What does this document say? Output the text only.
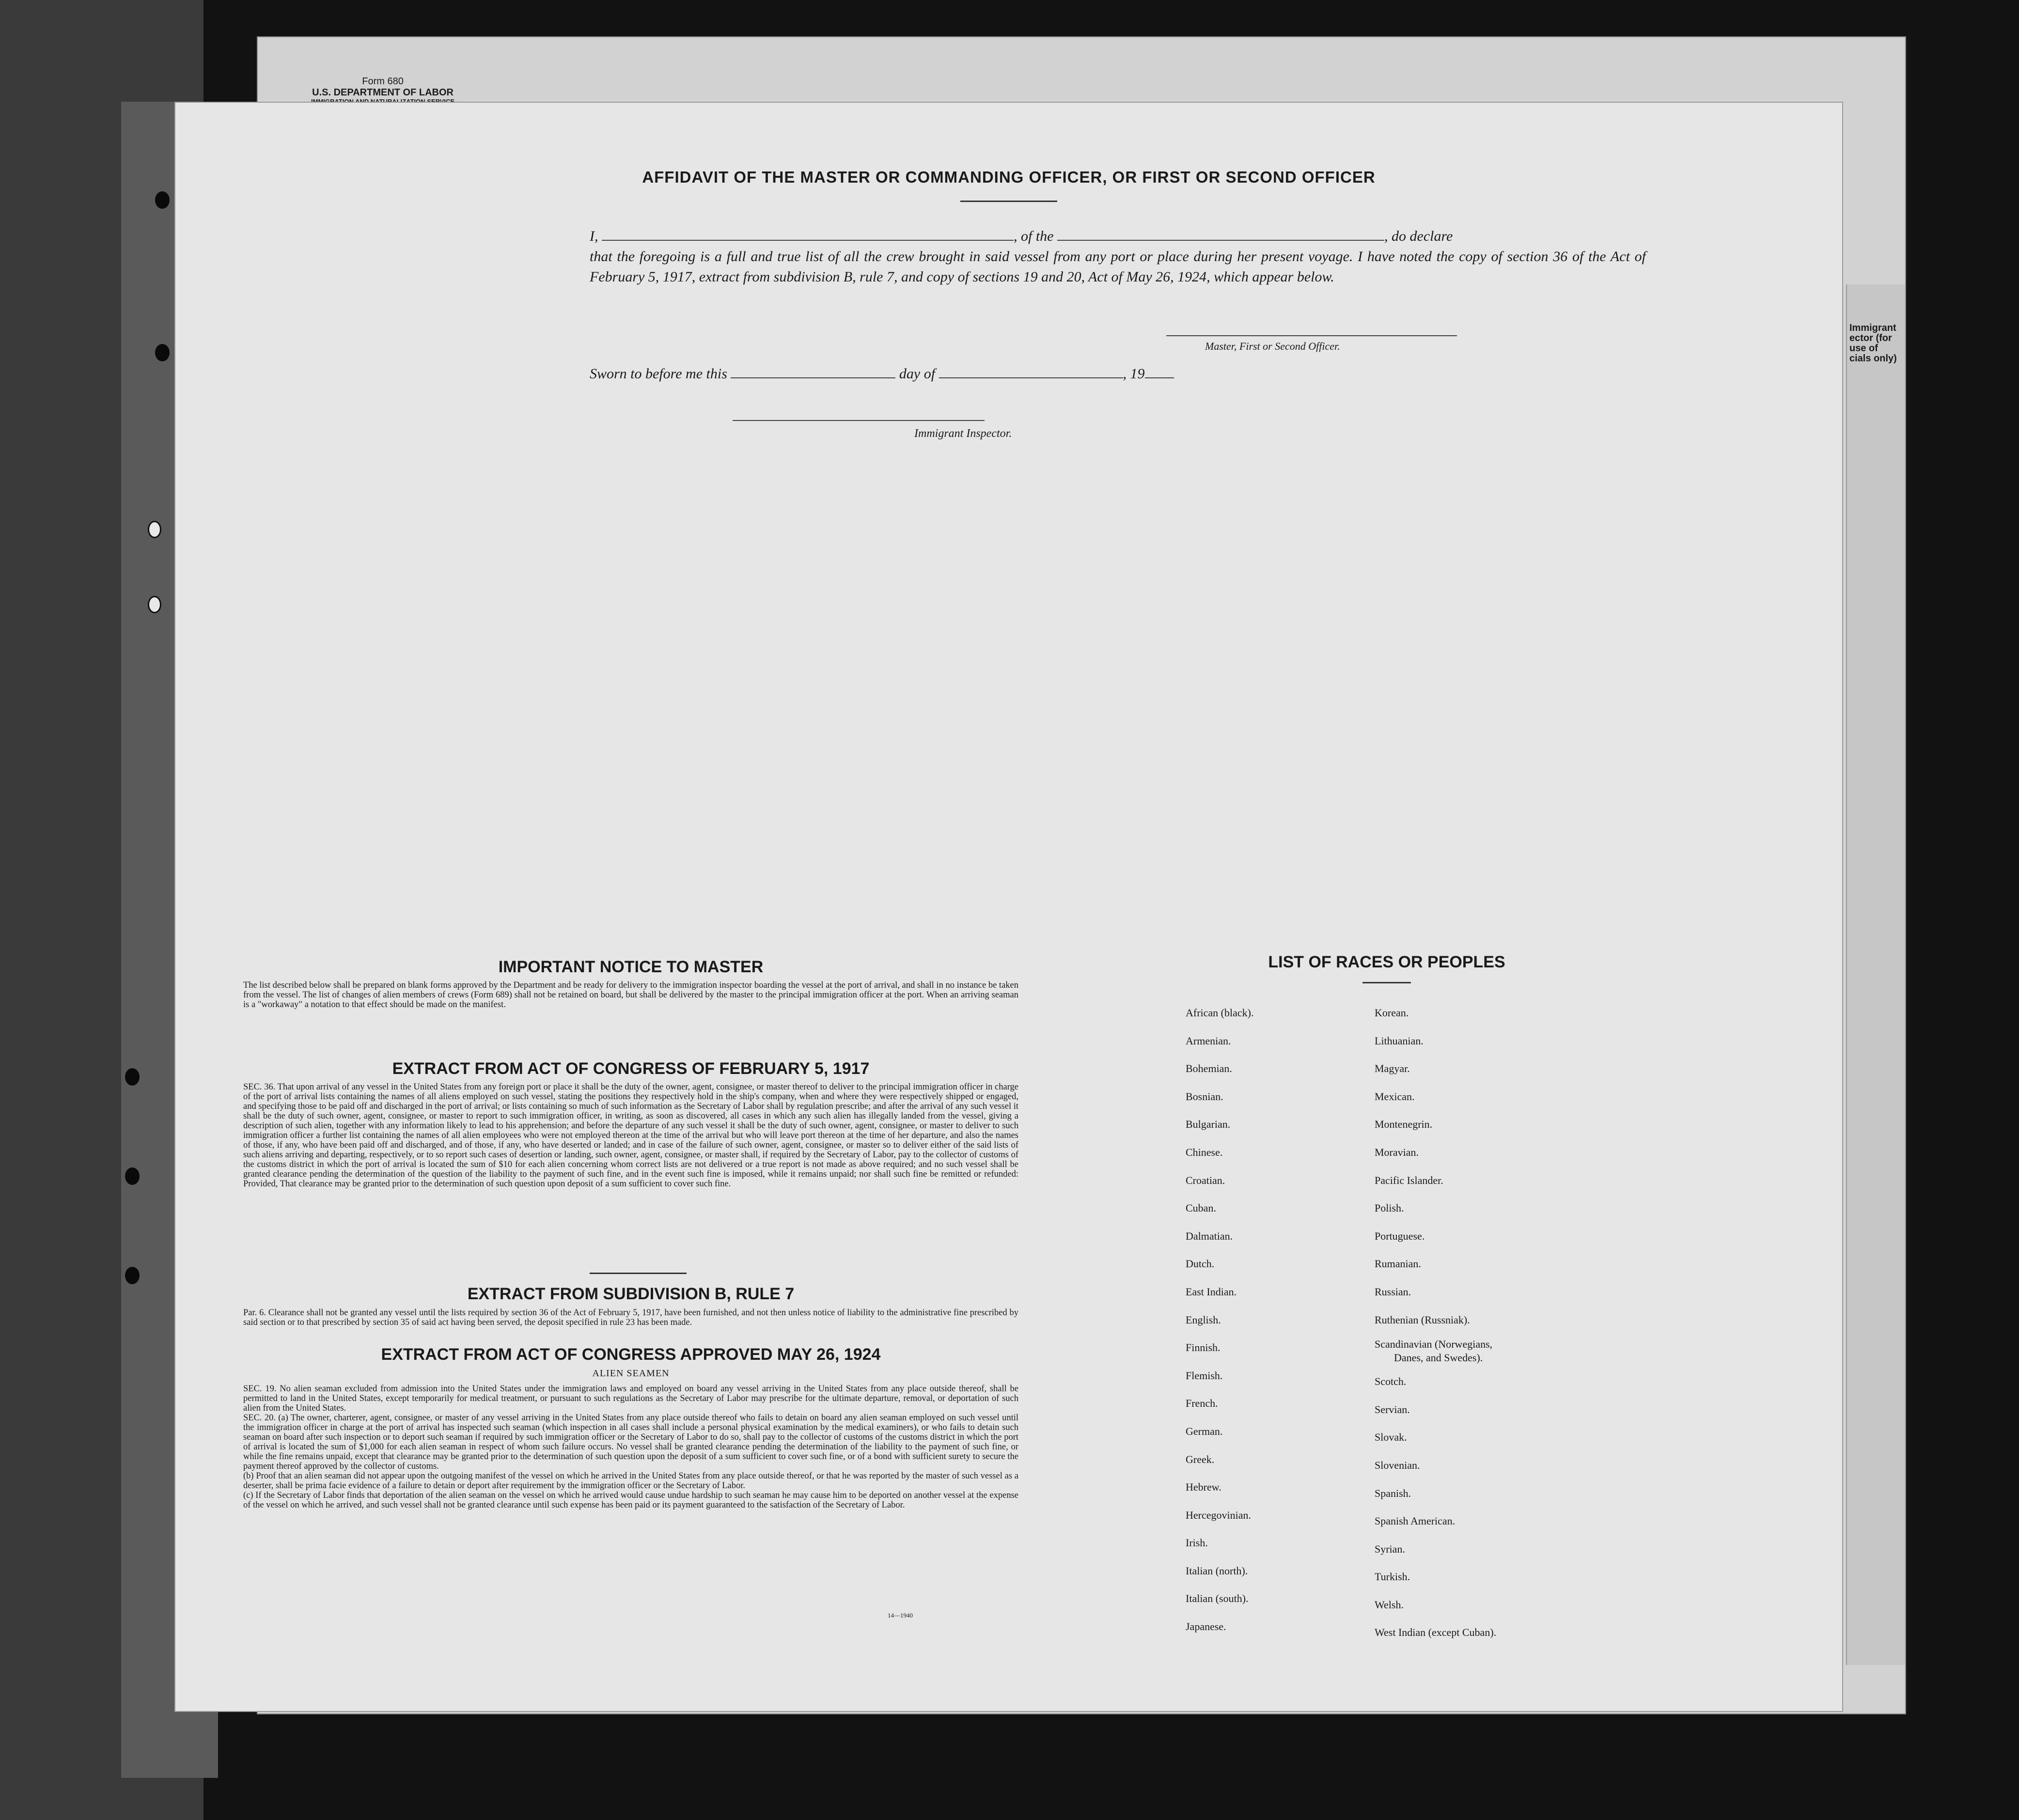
Form 680
U.S. DEPARTMENT OF LABOR
Immigrant ector (for use of cials only)
AFFIDAVIT OF THE MASTER OR COMMANDING OFFICER, OR FIRST OR SECOND OFFICER
I,	, of the	, do declare
that the foregoing is a full and true list of all the crew brought in said vessel from any port or place during her present voyage. I have noted the copy of section 36 of the Act of February 5, 1917, extract from subdivision B, rule 7, and copy of sections 19 and 20, Act of May 26, 1924, which appear below.
Master, First or Second Officer.
Sworn to before me this	day of	, 19
Immigrant Inspector.
IMPORTANT NOTICE TO MASTER
The list described below shall be prepared on blank forms approved by the Department and be ready for delivery to the immigration inspector boarding the vessel at the port of arrival, and shall in no instance be taken from the vessel. The list of changes of alien members of crews (Form 689) shall not be retained on board, but shall be delivered by the master to the principal immigration officer at the port. When an arriving seaman is a "workaway" a notation to that effect should be made on the manifest.
EXTRACT FROM ACT OF CONGRESS OF FEBRUARY 5, 1917
SEC. 36. That upon arrival of any vessel in the United States from any foreign port or place it shall be the duty of the owner, agent, consignee, or master thereof to deliver to the principal immigration officer in charge of the port of arrival lists containing the names of all aliens employed on such vessel, stating the positions they respectively hold in the ship's company, when and where they were respectively shipped or engaged, and specifying those to be paid off and discharged in the port of arrival; or lists containing so much of such information as the Secretary of Labor shall by regulation prescribe; and after the arrival of any such vessel it shall be the duty of such owner, agent, consignee, or master to report to such immigration officer, in writing, as soon as discovered, all cases in which any such alien has illegally landed from the vessel, giving a description of such alien, together with any information likely to lead to his apprehension; and before the departure of any such vessel it shall be the duty of such owner, agent, consignee, or master to deliver to such immigration officer a further list containing the names of all alien employees who were not employed thereon at the time of the arrival but who will leave port thereon at the time of her departure, and also the names of those, if any, who have been paid off and discharged, and of those, if any, who have deserted or landed; and in case of the failure of such owner, agent, consignee, or master so to deliver either of the said lists of such aliens arriving and departing, respectively, or to so report such cases of desertion or landing, such owner, agent, consignee, or master shall, if required by the Secretary of Labor, pay to the collector of customs of the customs district in which the port of arrival is located the sum of $10 for each alien concerning whom correct lists are not delivered or a true report is not made as above required; and no such vessel shall be granted clearance pending the determination of the question of the liability to the payment of such fine, and in the event such fine is imposed, while it remains unpaid; nor shall such fine be remitted or refunded: Provided, That clearance may be granted prior to the determination of such question upon deposit of a sum sufficient to cover such fine.
EXTRACT FROM SUBDIVISION B, RULE 7
Par. 6. Clearance shall not be granted any vessel until the lists required by section 36 of the Act of February 5, 1917, have been furnished, and not then unless notice of liability to the administrative fine prescribed by said section or to that prescribed by section 35 of said act having been served, the deposit specified in rule 23 has been made.
EXTRACT FROM ACT OF CONGRESS APPROVED MAY 26, 1924
ALIEN SEAMEN
SEC. 19. No alien seaman excluded from admission into the United States under the immigration laws and employed on board any vessel arriving in the United States from any place outside thereof, shall be permitted to land in the United States, except temporarily for medical treatment, or pursuant to such regulations as the Secretary of Labor may prescribe for the ultimate departure, removal, or deportation of such alien from the United States.
SEC. 20. (a) The owner, charterer, agent, consignee, or master of any vessel arriving in the United States from any place outside thereof who fails to detain on board any alien seaman employed on such vessel until the immigration officer in charge at the port of arrival has inspected such seaman (which inspection in all cases shall include a personal physical examination by the medical examiners), or who fails to detain such seaman on board after such inspection or to deport such seaman if required by such immigration officer or the Secretary of Labor to do so, shall pay to the collector of customs of the customs district in which the port of arrival is located the sum of $1,000 for each alien seaman in respect of whom such failure occurs. No vessel shall be granted clearance pending the determination of the liability to the payment of such fine, or while the fine remains unpaid, except that clearance may be granted prior to the determination of such question upon the deposit of a sum sufficient to cover such fine, or of a bond with sufficient surety to secure the payment thereof approved by the collector of customs.
(b) Proof that an alien seaman did not appear upon the outgoing manifest of the vessel on which he arrived in the United States from any place outside thereof, or that he was reported by the master of such vessel as a deserter, shall be prima facie evidence of a failure to detain or deport after requirement by the immigration officer or the Secretary of Labor.
(c) If the Secretary of Labor finds that deportation of the alien seaman on the vessel on which he arrived would cause undue hardship to such seaman he may cause him to be deported on another vessel at the expense of the vessel on which he arrived, and such vessel shall not be granted clearance until such expense has been paid or its payment guaranteed to the satisfaction of the Secretary of Labor.
14—1940
LIST OF RACES OR PEOPLES
African (black).
Armenian.
Bohemian.
Bosnian.
Bulgarian.
Chinese.
Croatian.
Cuban.
Dalmatian.
Dutch.
East Indian.
English.
Finnish.
Flemish.
French.
German.
Greek.
Hebrew.
Hercegovinian.
Irish.
Italian (north).
Italian (south).
Japanese.
Korean.
Lithuanian.
Magyar.
Mexican.
Montenegrin.
Moravian.
Pacific Islander.
Polish.
Portuguese.
Rumanian.
Russian.
Ruthenian (Russniak).
Scandinavian (Norwegians,
Danes, and Swedes).
Scotch.
Servian.
Slovak.
Slovenian.
Spanish.
Spanish American.
Syrian.
Turkish.
Welsh.
West Indian (except Cuban).
